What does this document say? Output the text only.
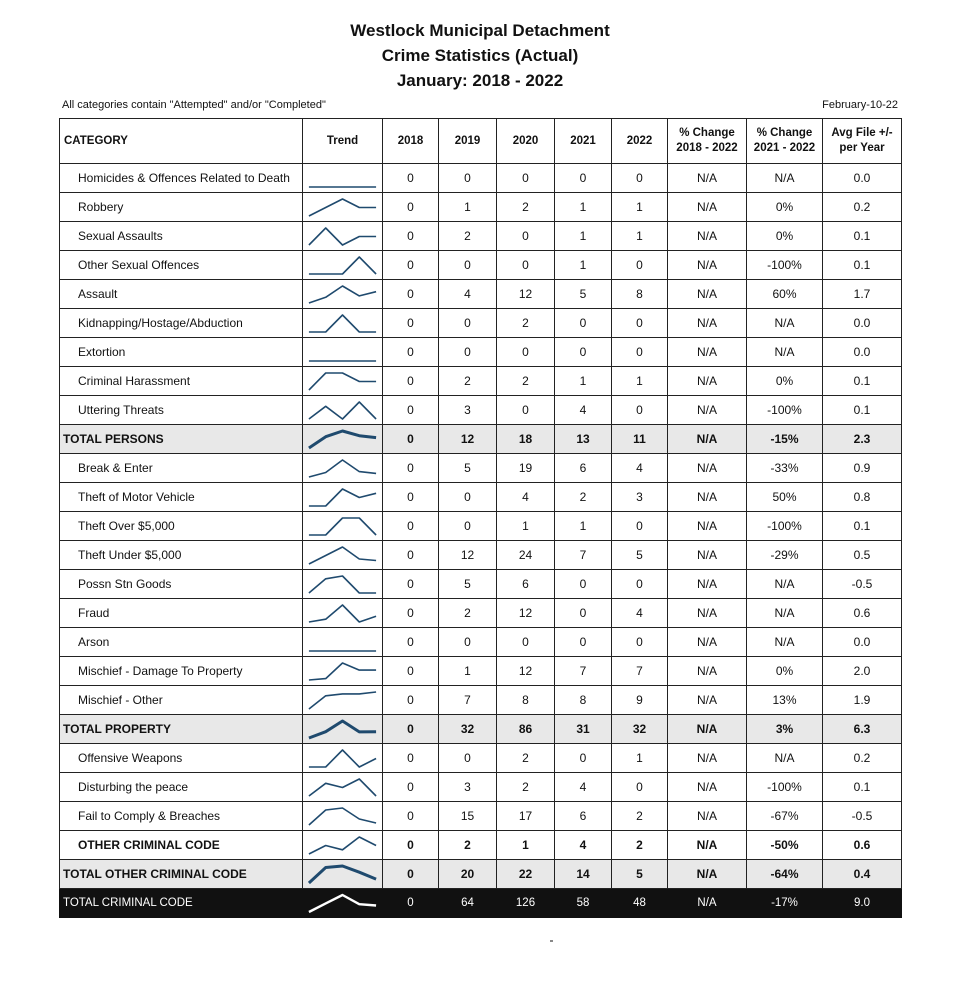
Westlock Municipal Detachment
Crime Statistics (Actual)
January: 2018 - 2022
All categories contain "Attempted" and/or "Completed"	February-10-22
CATEGORY	Trend	2018	2019	2020	2021	2022	% Change 2018 - 2022	% Change 2021 - 2022	Avg File +/- per Year
Homicides & Offences Related to Death		0	0	0	0	0	N/A	N/A	0.0
Robbery		0	1	2	1	1	N/A	0%	0.2
Sexual Assaults		0	2	0	1	1	N/A	0%	0.1
Other Sexual Offences		0	0	0	1	0	N/A	-100%	0.1
Assault		0	4	12	5	8	N/A	60%	1.7
Kidnapping/Hostage/Abduction		0	0	2	0	0	N/A	N/A	0.0
Extortion		0	0	0	0	0	N/A	N/A	0.0
Criminal Harassment		0	2	2	1	1	N/A	0%	0.1
Uttering Threats		0	3	0	4	0	N/A	-100%	0.1
TOTAL PERSONS		0	12	18	13	11	N/A	-15%	2.3
Break & Enter		0	5	19	6	4	N/A	-33%	0.9
Theft of Motor Vehicle		0	0	4	2	3	N/A	50%	0.8
Theft Over $5,000		0	0	1	1	0	N/A	-100%	0.1
Theft Under $5,000		0	12	24	7	5	N/A	-29%	0.5
Possn Stn Goods		0	5	6	0	0	N/A	N/A	-0.5
Fraud		0	2	12	0	4	N/A	N/A	0.6
Arson		0	0	0	0	0	N/A	N/A	0.0
Mischief - Damage To Property		0	1	12	7	7	N/A	0%	2.0
Mischief - Other		0	7	8	8	9	N/A	13%	1.9
TOTAL PROPERTY		0	32	86	31	32	N/A	3%	6.3
Offensive Weapons		0	0	2	0	1	N/A	N/A	0.2
Disturbing the peace		0	3	2	4	0	N/A	-100%	0.1
Fail to Comply & Breaches		0	15	17	6	2	N/A	-67%	-0.5
OTHER CRIMINAL CODE		0	2	1	4	2	N/A	-50%	0.6
TOTAL OTHER CRIMINAL CODE		0	20	22	14	5	N/A	-64%	0.4
TOTAL CRIMINAL CODE		0	64	126	58	48	N/A	-17%	9.0
